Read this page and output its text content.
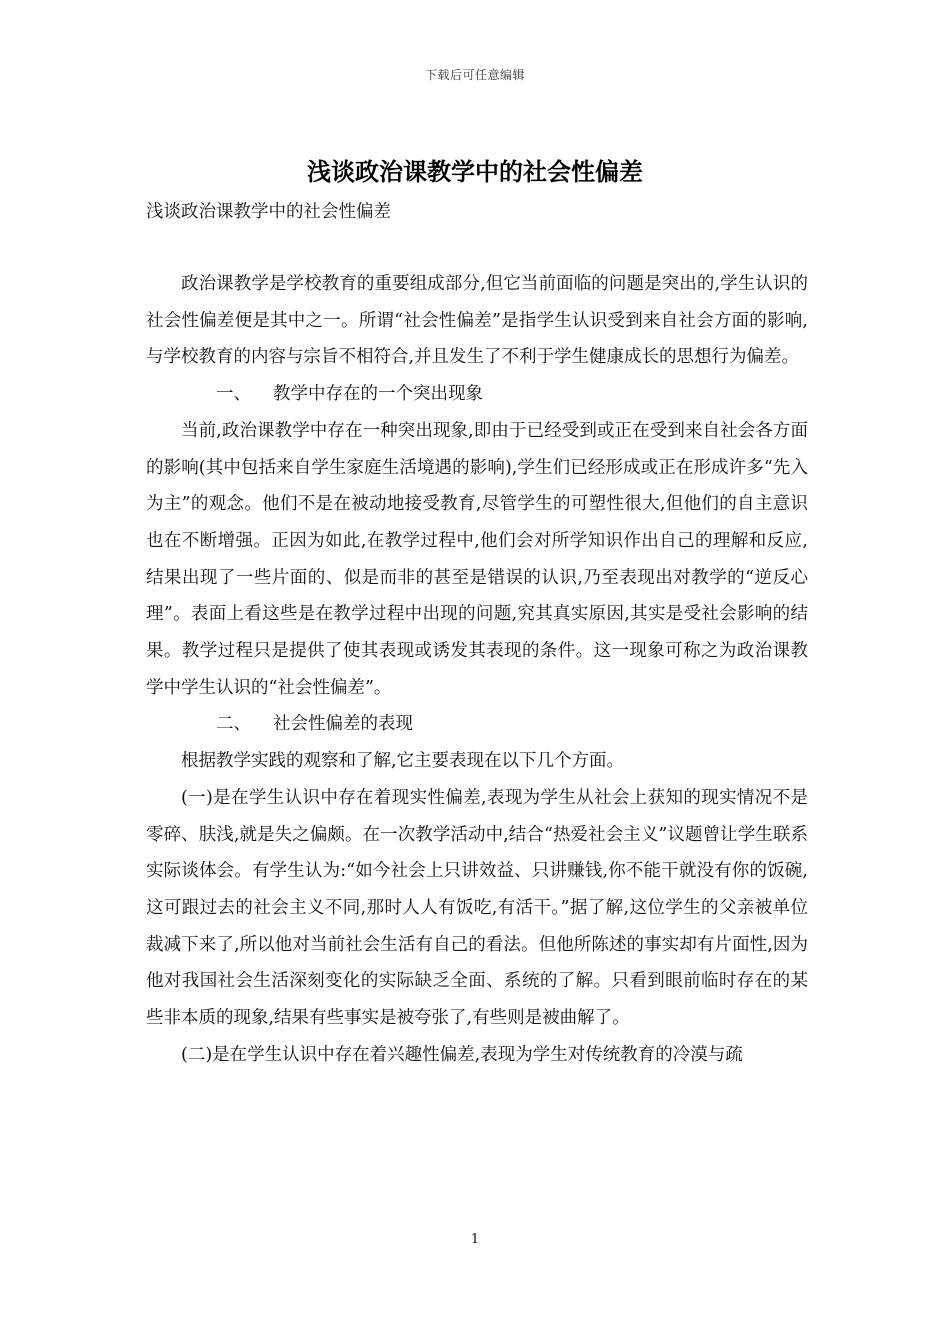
下载后可任意编辑
浅谈政治课教学中的社会性偏差
浅谈政治课教学中的社会性偏差

政治课教学是学校教育的重要组成部分,但它当前面临的问题是突出的,学生认识的社会性偏差便是其中之一。所谓“社会性偏差”是指学生认识受到来自社会方面的影响,与学校教育的内容与宗旨不相符合,并且发生了不利于学生健康成长的思想行为偏差。

一、 教学中存在的一个突出现象

当前,政治课教学中存在一种突出现象,即由于已经受到或正在受到来自社会各方面的影响(其中包括来自学生家庭生活境遇的影响),学生们已经形成或正在形成许多“先入为主”的观念。他们不是在被动地接受教育,尽管学生的可塑性很大,但他们的自主意识也在不断增强。正因为如此,在教学过程中,他们会对所学知识作出自己的理解和反应,结果出现了一些片面的、似是而非的甚至是错误的认识,乃至表现出对教学的“逆反心理”。表面上看这些是在教学过程中出现的问题,究其真实原因,其实是受社会影响的结果。教学过程只是提供了使其表现或诱发其表现的条件。这一现象可称之为政治课教学中学生认识的“社会性偏差”。

二、 社会性偏差的表现

根据教学实践的观察和了解,它主要表现在以下几个方面。

(一)是在学生认识中存在着现实性偏差,表现为学生从社会上获知的现实情况不是零碎、肤浅,就是失之偏颇。在一次教学活动中,结合“热爱社会主义”议题曾让学生联系实际谈体会。有学生认为:“如今社会上只讲效益、只讲赚钱,你不能干就没有你的饭碗,这可跟过去的社会主义不同,那时人人有饭吃,有活干。”据了解,这位学生的父亲被单位裁减下来了,所以他对当前社会生活有自己的看法。但他所陈述的事实却有片面性,因为他对我国社会生活深刻变化的实际缺乏全面、系统的了解。只看到眼前临时存在的某些非本质的现象,结果有些事实是被夸张了,有些则是被曲解了。

(二)是在学生认识中存在着兴趣性偏差,表现为学生对传统教育的冷漠与疏

1
